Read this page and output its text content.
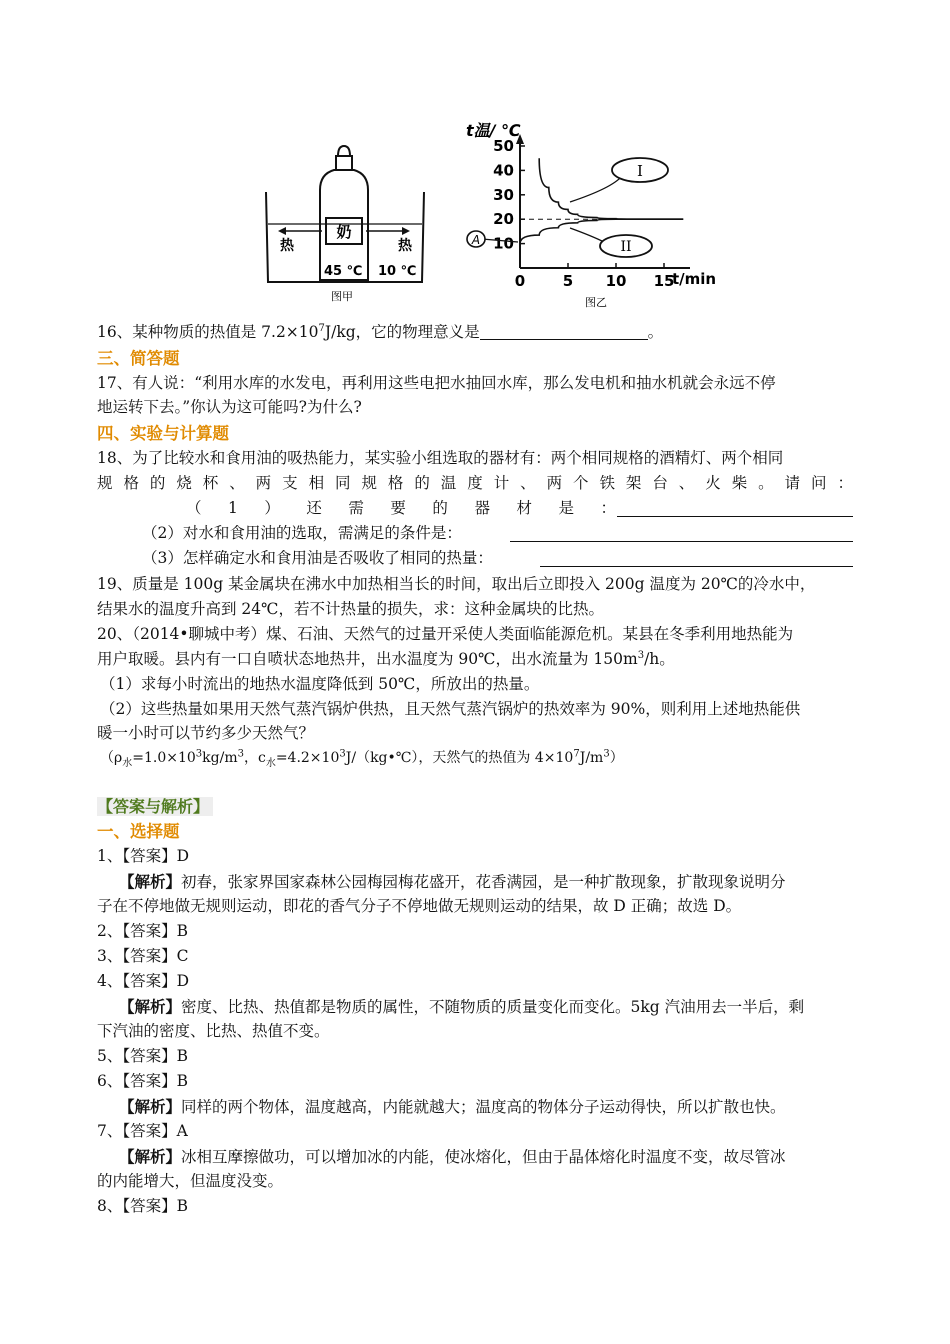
奶
热	热
45 ℃ 10 ℃
图甲
t温/ ℃
t/min
10
20
30
40
50
0	5 10 15
I
II
A
图乙
16、某种物质的热值是 $7.2\times 10^7J/kg$，它的物理意义是	。
三、简答题
17、有人说：“利用水库的水发电，再利用这些电把水抽回水库，那么发电机和抽水机就会永远不停
地运转下去。”你认为这可能吗?为什么?
四、实验与计算题
18、为了比较水和食用油的吸热能力，某实验小组选取的器材有：两个相同规格的酒精灯、两个相同
规格的烧杯、两支相同规格的温度计、两个铁架台、火柴。请问：
（1）还需要的器材是：
（2）对水和食用油的选取，需满足的条件是：
（3）怎样确定水和食用油是否吸收了相同的热量：
19、质量是 100g 某金属块在沸水中加热相当长的时间，取出后立即投入 200g 温度为 20℃的冷水中，
结果水的温度升高到 24℃，若不计热量的损失，求：这种金属块的比热。
20、（2014•聊城中考）煤、石油、天然气的过量开采使人类面临能源危机。某县在冬季利用地热能为
用户取暖。县内有一口自喷状态地热井，出水温度为 90℃，出水流量为 $150m^3/h$。
（1）求每小时流出的地热水温度降低到 50℃，所放出的热量。
（2）这些热量如果用天然气蒸汽锅炉供热，且天然气蒸汽锅炉的热效率为 90%，则利用上述地热能供
暖一小时可以节约多少天然气？
（$\rho_水=1.0\times 10^3kg/m^3$，$c_水=4.2\times 10^3J/(kg•℃)$，天然气的热值为 $4\times 10^7J/m^3$）
【答案与解析】
一、选择题
1、【答案】D
【解析】初春，张家界国家森林公园梅园梅花盛开，花香满园，是一种扩散现象，扩散现象说明分
子在不停地做无规则运动，即花的香气分子不停地做无规则运动的结果，故 D 正确；故选 D。
2、【答案】B
3、【答案】C
4、【答案】D
【解析】密度、比热、热值都是物质的属性，不随物质的质量变化而变化。5kg 汽油用去一半后，剩
下汽油的密度、比热、热值不变。
5、【答案】B
6、【答案】B
【解析】同样的两个物体，温度越高，内能就越大；温度高的物体分子运动得快，所以扩散也快。
7、【答案】A
【解析】冰相互摩擦做功，可以增加冰的内能，使冰熔化，但由于晶体熔化时温度不变，故尽管冰
的内能增大，但温度没变。
8、【答案】B
